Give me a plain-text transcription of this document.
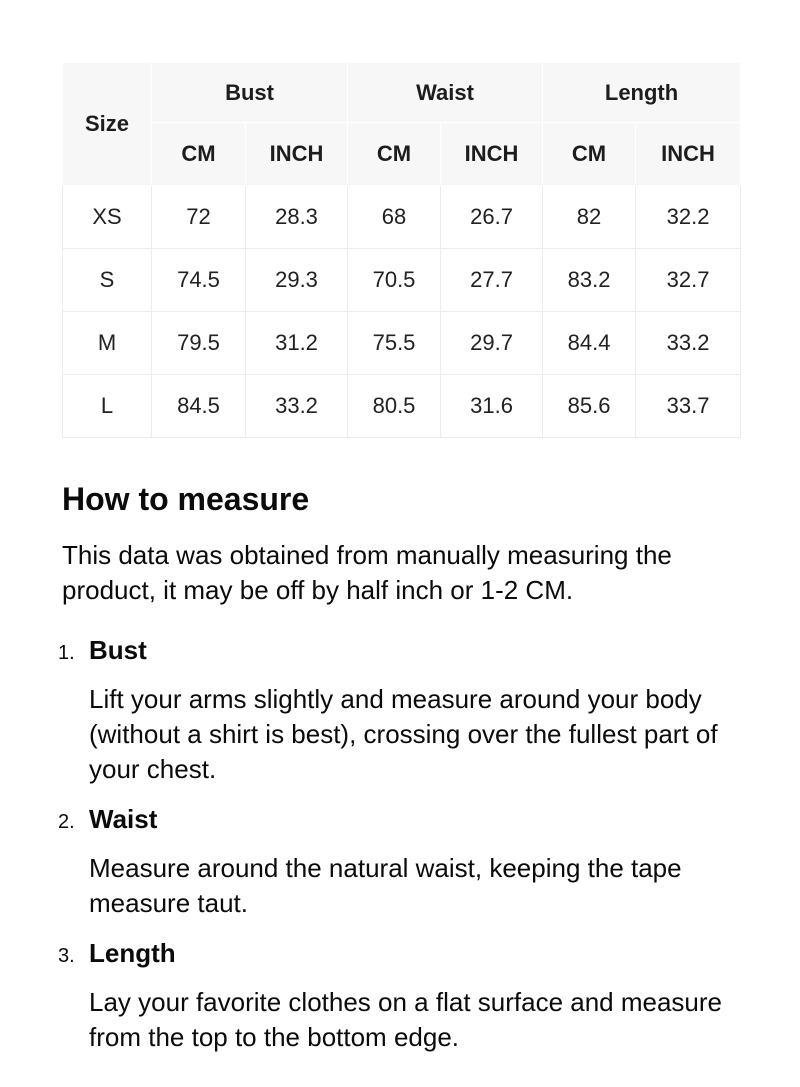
Size	Bust		Waist		Length	
	CM	INCH	CM	INCH	CM	INCH
XS	72	28.3	68	26.7	82	32.2
S	74.5	29.3	70.5	27.7	83.2	32.7
M	79.5	31.2	75.5	29.7	84.4	33.2
L	84.5	33.2	80.5	31.6	85.6	33.7
How to measure

This data was obtained from manually measuring the product, it may be off by half inch or 1-2 CM.

1. Bust

Lift your arms slightly and measure around your body (without a shirt is best), crossing over the fullest part of your chest.

2. Waist

Measure around the natural waist, keeping the tape measure taut.

3. Length

Lay your favorite clothes on a flat surface and measure from the top to the bottom edge.
